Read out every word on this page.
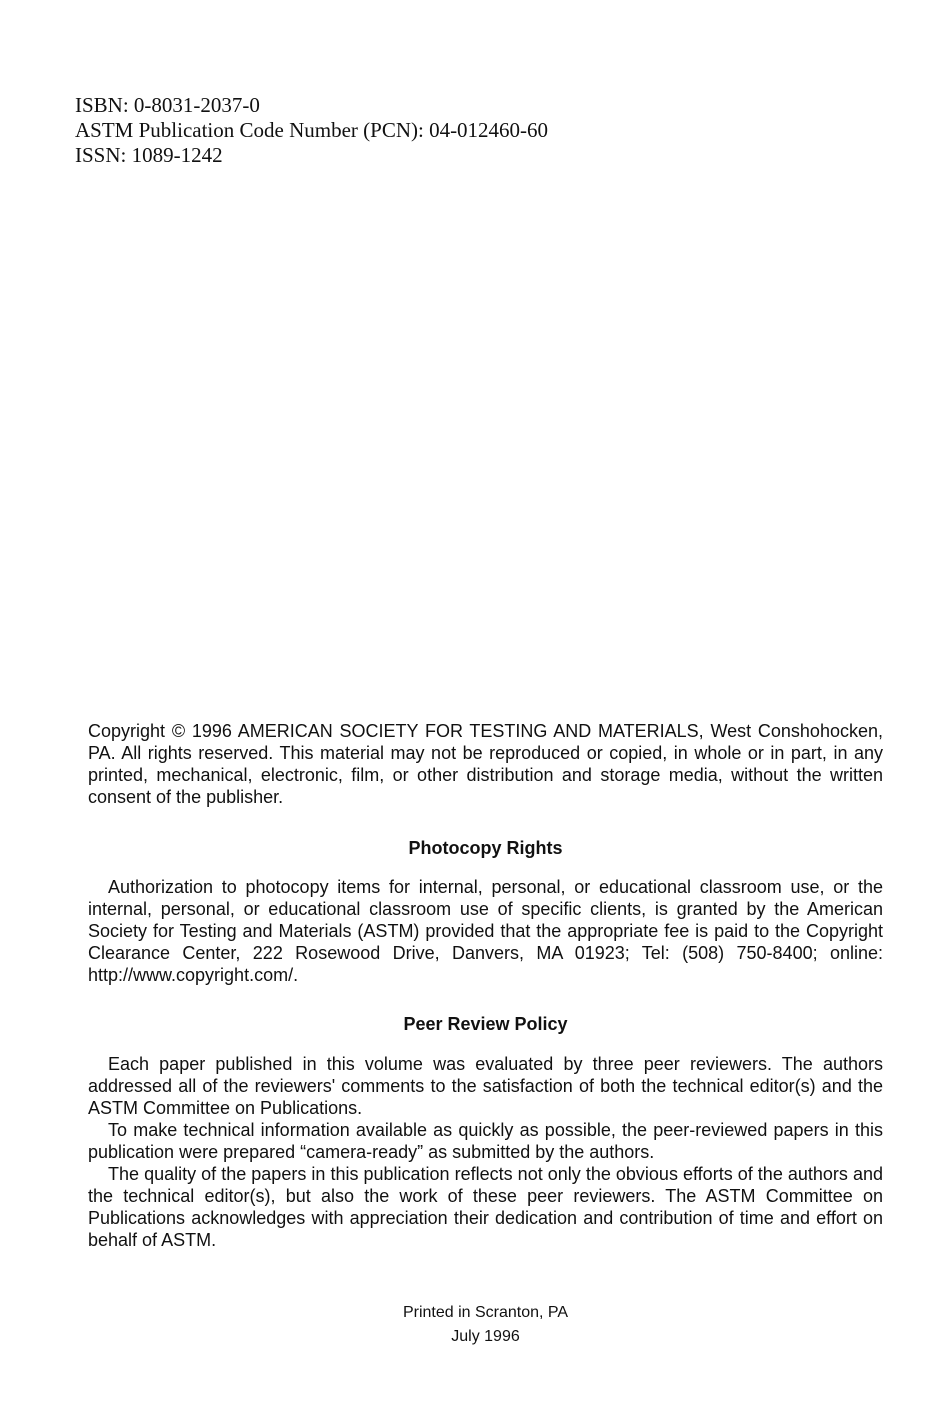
ISBN: 0-8031-2037-0
ASTM Publication Code Number (PCN): 04-012460-60
ISSN: 1089-1242

Copyright © 1996 AMERICAN SOCIETY FOR TESTING AND MATERIALS, West Conshohocken, PA. All rights reserved. This material may not be reproduced or copied, in whole or in part, in any printed, mechanical, electronic, film, or other distribution and storage media, without the written consent of the publisher.

Photocopy Rights

Authorization to photocopy items for internal, personal, or educational classroom use, or the internal, personal, or educational classroom use of specific clients, is granted by the American Society for Testing and Materials (ASTM) provided that the appropriate fee is paid to the Copyright Clearance Center, 222 Rosewood Drive, Danvers, MA 01923; Tel: (508) 750-8400; online: http://www.copyright.com/.

Peer Review Policy

Each paper published in this volume was evaluated by three peer reviewers. The authors addressed all of the reviewers' comments to the satisfaction of both the technical editor(s) and the ASTM Committee on Publications.

To make technical information available as quickly as possible, the peer-reviewed papers in this publication were prepared “camera-ready” as submitted by the authors.

The quality of the papers in this publication reflects not only the obvious efforts of the authors and the technical editor(s), but also the work of these peer reviewers. The ASTM Committee on Publications acknowledges with appreciation their dedication and contribution of time and effort on behalf of ASTM.

Printed in Scranton, PA
July 1996
